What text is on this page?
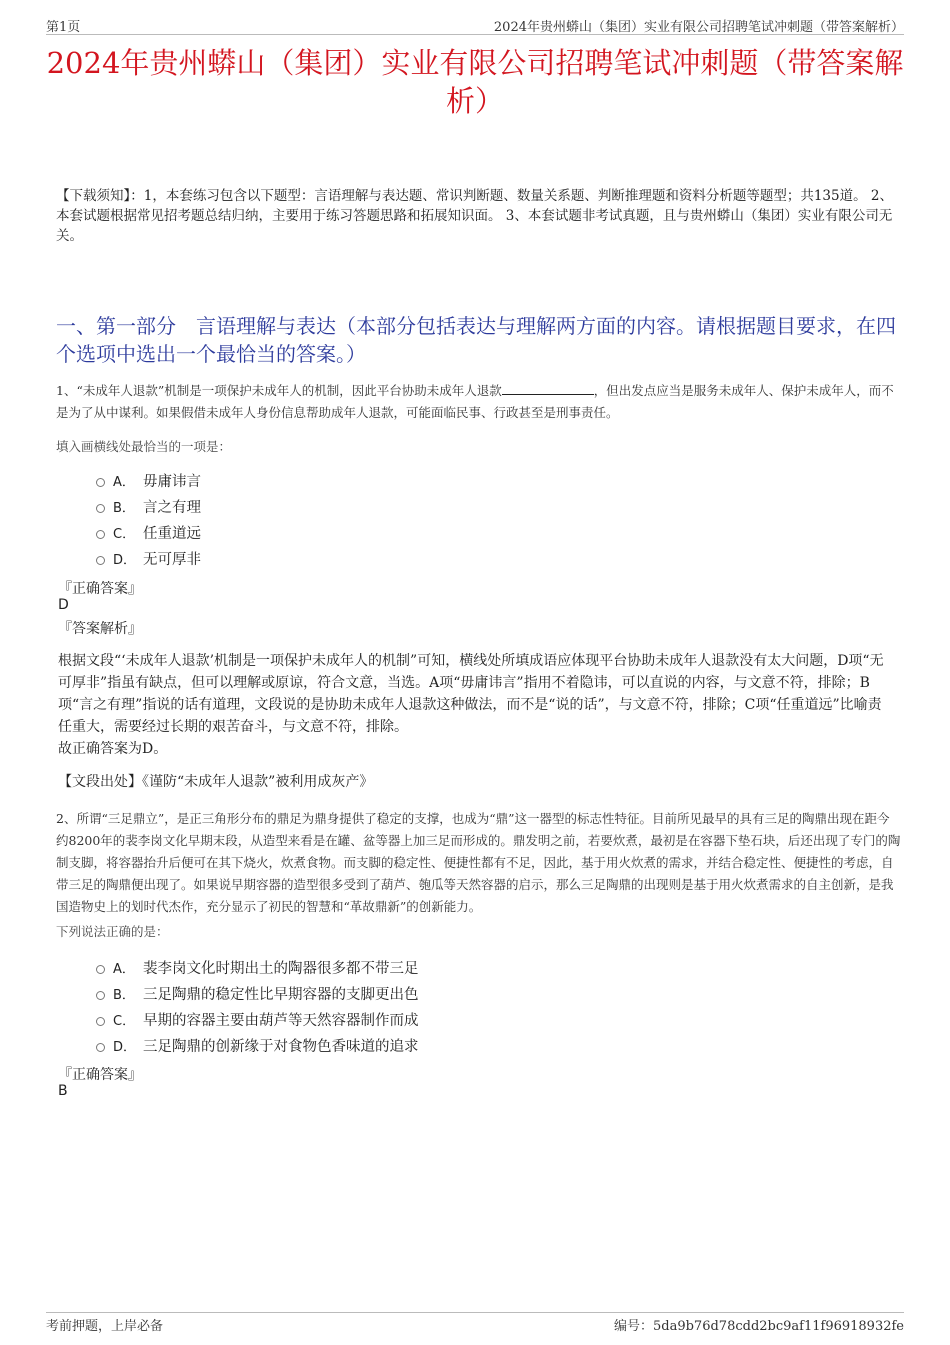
第1页	2024年贵州蟒山（集团）实业有限公司招聘笔试冲刺题（带答案解析）
2024年贵州蟒山（集团）实业有限公司招聘笔试冲刺题（带答案解析）
【下载须知】：1，本套练习包含以下题型：言语理解与表达题、常识判断题、数量关系题、判断推理题和资料分析题等题型；共135道。 2、本套试题根据常见招考题总结归纳，主要用于练习答题思路和拓展知识面。 3、本套试题非考试真题，且与贵州蟒山（集团）实业有限公司无关。
一、第一部分　言语理解与表达（本部分包括表达与理解两方面的内容。请根据题目要求，在四个选项中选出一个最恰当的答案。）
1、“未成年人退款”机制是一项保护未成年人的机制，因此平台协助未成年人退款	，但出发点应当是服务未成年人、保护未成年人，而不是为了从中谋利。如果假借未成年人身份信息帮助成年人退款，可能面临民事、行政甚至是刑事责任。
填入画横线处最恰当的一项是：
A． 毋庸讳言
B． 言之有理
C． 任重道远
D． 无可厚非
『正确答案』
D
『答案解析』
根据文段“‘未成年人退款’机制是一项保护未成年人的机制”可知，横线处所填成语应体现平台协助未成年人退款没有太大问题，D项“无可厚非”指虽有缺点，但可以理解或原谅，符合文意，当选。A项“毋庸讳言”指用不着隐讳，可以直说的内容，与文意不符，排除；B项“言之有理”指说的话有道理，文段说的是协助未成年人退款这种做法，而不是“说的话”，与文意不符，排除；C项“任重道远”比喻责任重大，需要经过长期的艰苦奋斗，与文意不符，排除。
故正确答案为D。
【文段出处】《谨防“未成年人退款”被利用成灰产》
2、所谓“三足鼎立”，是正三角形分布的鼎足为鼎身提供了稳定的支撑，也成为“鼎”这一器型的标志性特征。目前所见最早的具有三足的陶鼎出现在距今约8200年的裴李岗文化早期末段，从造型来看是在罐、盆等器上加三足而形成的。鼎发明之前，若要炊煮，最初是在容器下垫石块，后还出现了专门的陶制支脚，将容器抬升后便可在其下烧火，炊煮食物。而支脚的稳定性、便捷性都有不足，因此，基于用火炊煮的需求，并结合稳定性、便捷性的考虑，自带三足的陶鼎便出现了。如果说早期容器的造型很多受到了葫芦、匏瓜等天然容器的启示，那么三足陶鼎的出现则是基于用火炊煮需求的自主创新，是我国造物史上的划时代杰作，充分显示了初民的智慧和“革故鼎新”的创新能力。
下列说法正确的是：
A． 裴李岗文化时期出土的陶器很多都不带三足
B． 三足陶鼎的稳定性比早期容器的支脚更出色
C． 早期的容器主要由葫芦等天然容器制作而成
D． 三足陶鼎的创新缘于对食物色香味道的追求
『正确答案』
B
考前押题，上岸必备	编号：5da9b76d78cdd2bc9af11f96918932fe
